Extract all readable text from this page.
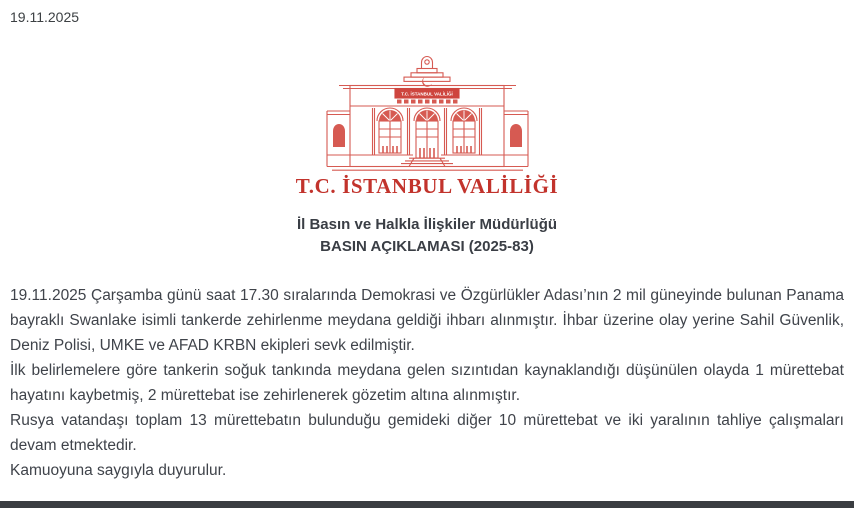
19.11.2025
T.C. İSTANBUL VALİLİĞİ
T.C. İSTANBUL VALİLİĞİ
İl Basın ve Halkla İlişkiler Müdürlüğü
BASIN AÇIKLAMASI (2025-83)

19.11.2025 Çarşamba günü saat 17.30 sıralarında Demokrasi ve Özgürlükler Adası’nın 2 mil güneyinde bulunan Panama bayraklı Swanlake isimli tankerde zehirlenme meydana geldiği ihbarı alınmıştır. İhbar üzerine olay yerine Sahil Güvenlik, Deniz Polisi, UMKE ve AFAD KRBN ekipleri sevk edilmiştir.

İlk belirlemelere göre tankerin soğuk tankında meydana gelen sızıntıdan kaynaklandığı düşünülen olayda 1 mürettebat hayatını kaybetmiş, 2 mürettebat ise zehirlenerek gözetim altına alınmıştır.

Rusya vatandaşı toplam 13 mürettebatın bulunduğu gemideki diğer 10 mürettebat ve iki yaralının tahliye çalışmaları devam etmektedir.

Kamuoyuna saygıyla duyurulur.
